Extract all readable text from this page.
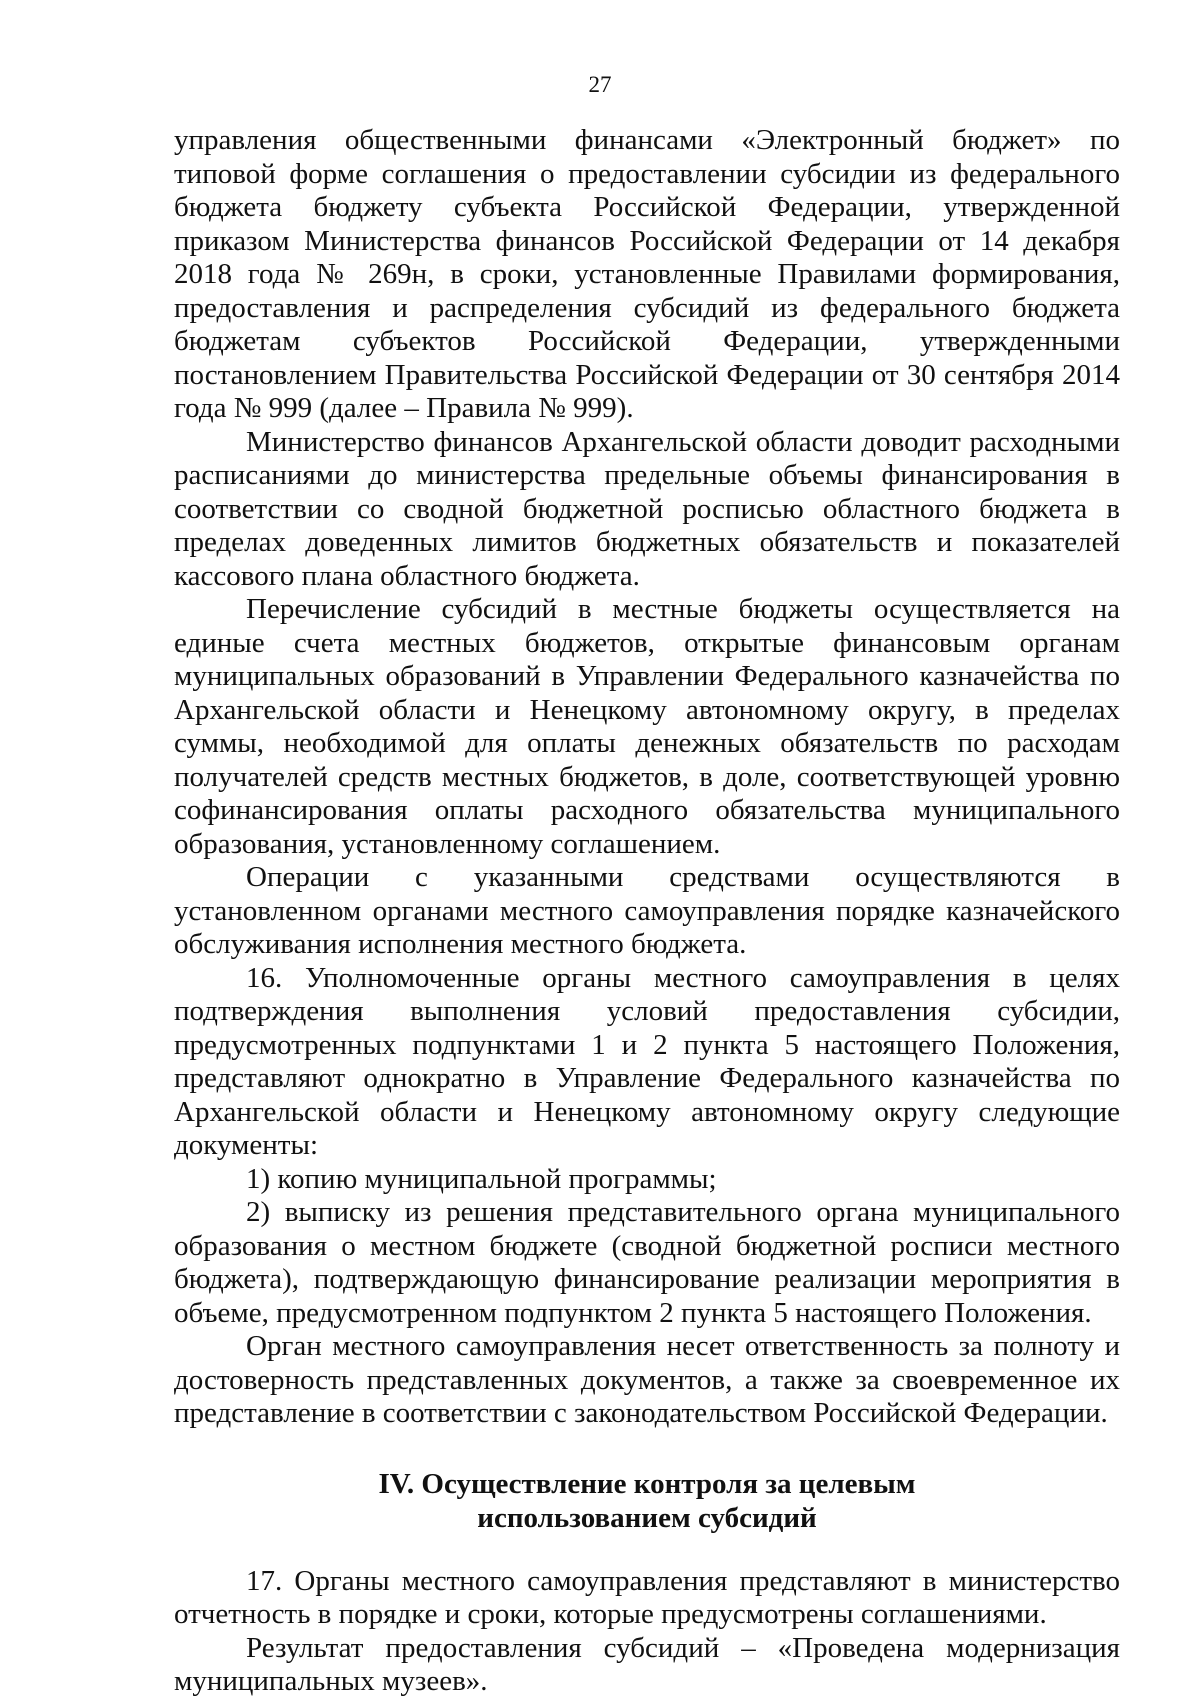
27

управления общественными финансами «Электронный бюджет» по типовой форме соглашения о предоставлении субсидии из федерального бюджета бюджету субъекта Российской Федерации, утвержденной приказом Министерства финансов Российской Федерации от 14 декабря 2018 года № 269н, в сроки, установленные Правилами формирования, предоставления и распределения субсидий из федерального бюджета бюджетам субъектов Российской Федерации, утвержденными постановлением Правительства Российской Федерации от 30 сентября 2014 года № 999 (далее – Правила № 999).

Министерство финансов Архангельской области доводит расходными расписаниями до министерства предельные объемы финансирования в соответствии со сводной бюджетной росписью областного бюджета в пределах доведенных лимитов бюджетных обязательств и показателей кассового плана областного бюджета.

Перечисление субсидий в местные бюджеты осуществляется на единые счета местных бюджетов, открытые финансовым органам муниципальных образований в Управлении Федерального казначейства по Архангельской области и Ненецкому автономному округу, в пределах суммы, необходимой для оплаты денежных обязательств по расходам получателей средств местных бюджетов, в доле, соответствующей уровню софинансирования оплаты расходного обязательства муниципального образования, установленному соглашением.

Операции с указанными средствами осуществляются в установленном органами местного самоуправления порядке казначейского обслуживания исполнения местного бюджета.

16. Уполномоченные органы местного самоуправления в целях подтверждения выполнения условий предоставления субсидии, предусмотренных подпунктами 1 и 2 пункта 5 настоящего Положения, представляют однократно в Управление Федерального казначейства по Архангельской области и Ненецкому автономному округу следующие документы:

1) копию муниципальной программы;

2) выписку из решения представительного органа муниципального образования о местном бюджете (сводной бюджетной росписи местного бюджета), подтверждающую финансирование реализации мероприятия в объеме, предусмотренном подпунктом 2 пункта 5 настоящего Положения.

Орган местного самоуправления несет ответственность за полноту и достоверность представленных документов, а также за своевременное их представление в соответствии с законодательством Российской Федерации.

IV. Осуществление контроля за целевым
использованием субсидий

17. Органы местного самоуправления представляют в министерство отчетность в порядке и сроки, которые предусмотрены соглашениями.

Результат предоставления субсидий – «Проведена модернизация муниципальных музеев».
